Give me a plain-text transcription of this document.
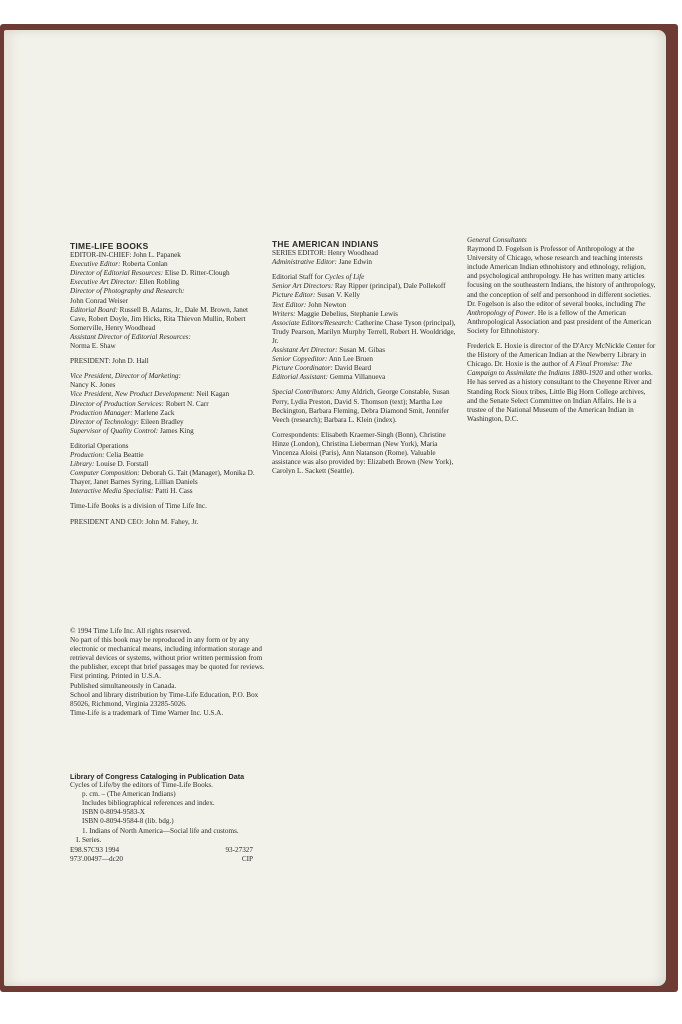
TIME-LIFE BOOKS

EDITOR-IN-CHIEF: John L. Papanek

Executive Editor: Roberta Conlan

Director of Editorial Resources: Elise D. Ritter-Clough

Executive Art Director: Ellen Robling

Director of Photography and Research:

John Conrad Weiser

Editorial Board: Russell B. Adams, Jr., Dale M. Brown, Janet Cave, Robert Doyle, Jim Hicks, Rita Thievon Mullin, Robert Somerville, Henry Woodhead

Assistant Director of Editorial Resources:

Norma E. Shaw

PRESIDENT: John D. Hall

Vice President, Director of Marketing:

Nancy K. Jones

Vice President, New Product Development: Neil Kagan

Director of Production Services: Robert N. Carr

Production Manager: Marlene Zack

Director of Technology: Eileen Bradley

Supervisor of Quality Control: James King

Editorial Operations

Production: Celia Beattie

Library: Louise D. Forstall

Computer Composition: Deborah G. Tait (Manager), Monika D. Thayer, Janet Barnes Syring, Lillian Daniels

Interactive Media Specialist: Patti H. Cass

Time-Life Books is a division of Time Life Inc.

PRESIDENT AND CEO: John M. Fahey, Jr.

THE AMERICAN INDIANS

SERIES EDITOR: Henry Woodhead

Administrative Editor: Jane Edwin

Editorial Staff for Cycles of Life

Senior Art Directors: Ray Ripper (principal), Dale Pollekoff

Picture Editor: Susan V. Kelly

Text Editor: John Newton

Writers: Maggie Debelius, Stephanie Lewis

Associate Editors/Research: Catherine Chase Tyson (principal), Trudy Pearson, Marilyn Murphy Terrell, Robert H. Wooldridge, Jr.

Assistant Art Director: Susan M. Gibas

Senior Copyeditor: Ann Lee Bruen

Picture Coordinator: David Beard

Editorial Assistant: Gemma Villanueva

Special Contributors: Amy Aldrich, George Constable, Susan Perry, Lydia Preston, David S. Thomson (text); Martha Lee Beckington, Barbara Fleming, Debra Diamond Smit, Jennifer Veech (research); Barbara L. Klein (index).

Correspondents: Elisabeth Kraemer-Singh (Bonn), Christine Hinze (London), Christina Lieberman (New York), Maria Vincenza Aloisi (Paris), Ann Natanson (Rome). Valuable assistance was also provided by: Elizabeth Brown (New York), Carolyn L. Sackett (Seattle).

General Consultants

Raymond D. Fogelson is Professor of Anthropology at the University of Chicago, whose research and teaching interests include American Indian ethnohistory and ethnology, religion, and psychological anthropology. He has written many articles focusing on the southeastern Indians, the history of anthropology, and the conception of self and personhood in different societies. Dr. Fogelson is also the editor of several books, including The Anthropology of Power. He is a fellow of the American Anthropological Association and past president of the American Society for Ethnohistory.

Frederick E. Hoxie is director of the D'Arcy McNickle Center for the History of the American Indian at the Newberry Library in Chicago. Dr. Hoxie is the author of A Final Promise: The Campaign to Assimilate the Indians 1880-1920 and other works. He has served as a history consultant to the Cheyenne River and Standing Rock Sioux tribes, Little Big Horn College archives, and the Senate Select Committee on Indian Affairs. He is a trustee of the National Museum of the American Indian in Washington, D.C.

© 1994 Time Life Inc. All rights reserved.

No part of this book may be reproduced in any form or by any electronic or mechanical means, including information storage and retrieval devices or systems, without prior written permission from the publisher, except that brief passages may be quoted for reviews.

First printing. Printed in U.S.A.

Published simultaneously in Canada.

School and library distribution by Time-Life Education, P.O. Box 85026, Richmond, Virginia 23285-5026.

Time-Life is a trademark of Time Warner Inc. U.S.A.

Library of Congress Cataloging in Publication Data

Cycles of Life/by the editors of Time-Life Books.

p. cm. – (The American Indians)

Includes bibliographical references and index.

ISBN 0-8094-9583-X

ISBN 0-8094-9584-8 (lib. bdg.)

1. Indians of North America—Social life and customs.

I. Series.

E98.S7C93 1994	93-27327
973'.00497—dc20	CIP
